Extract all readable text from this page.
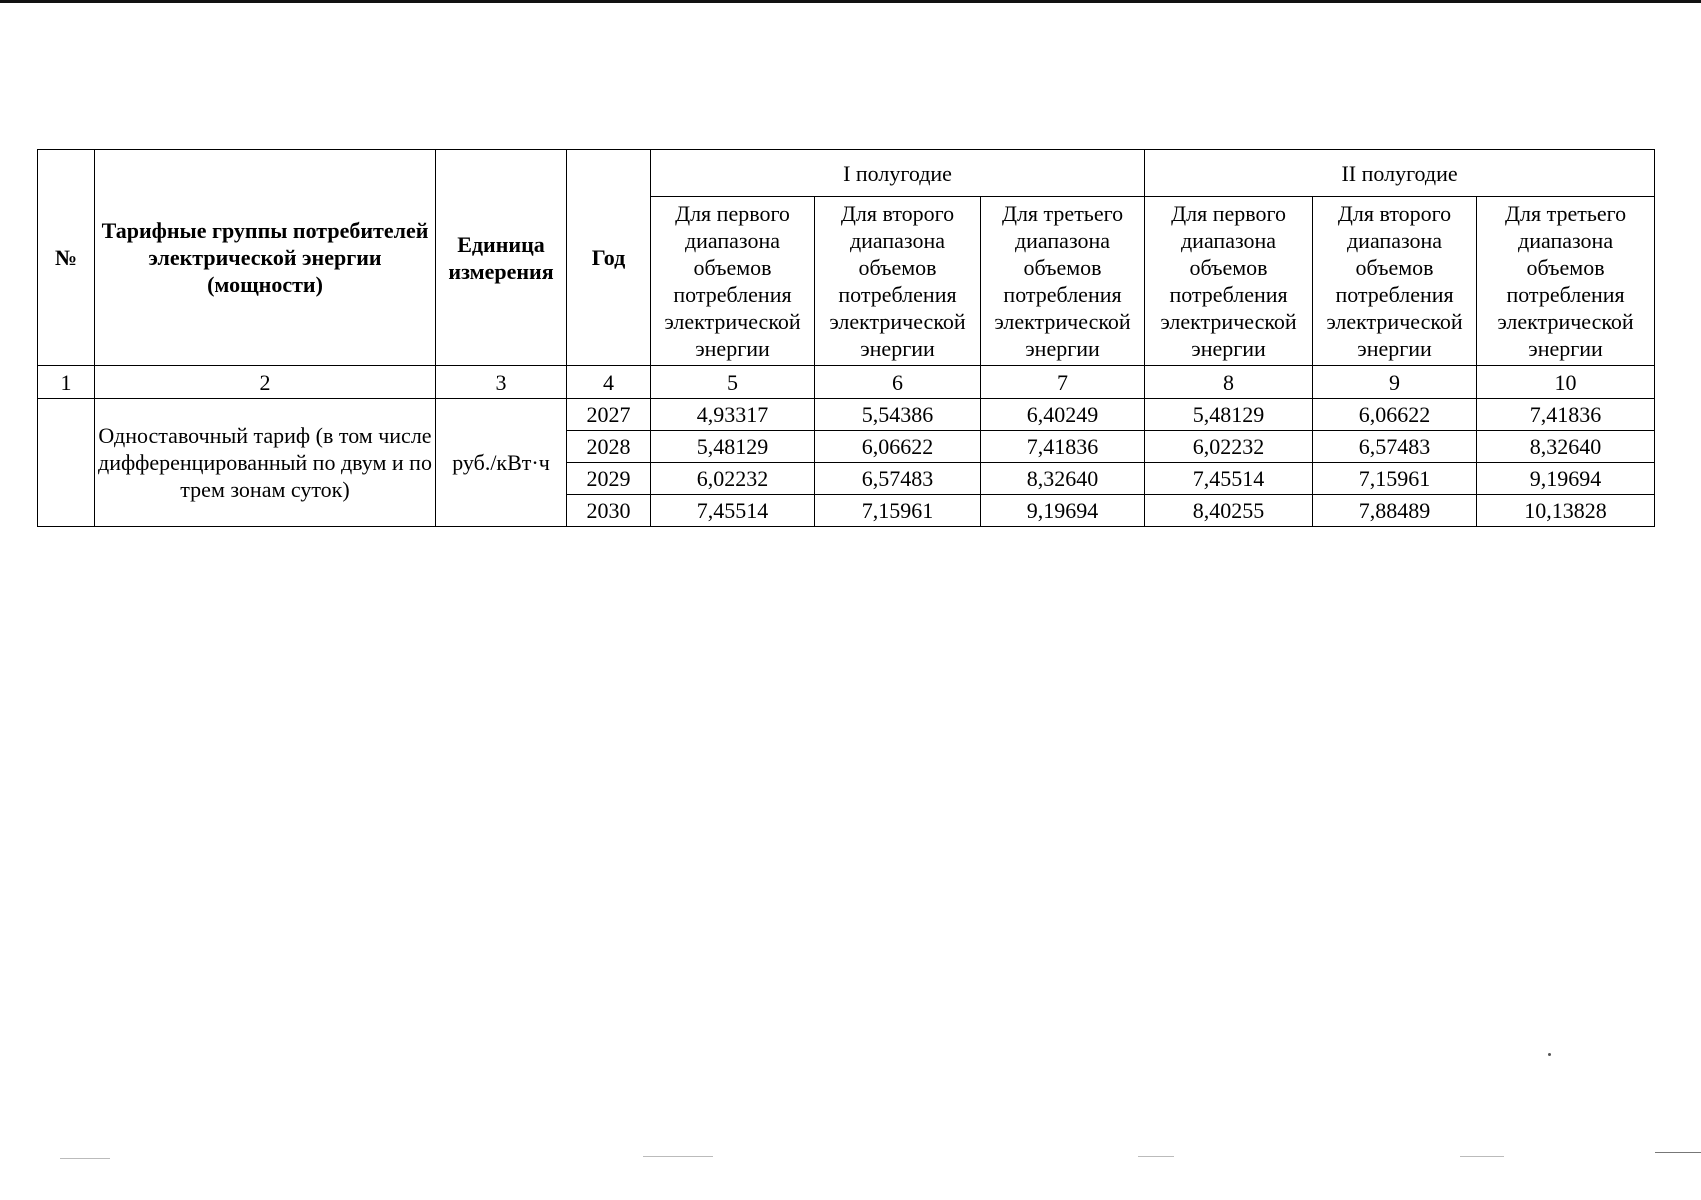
№	Тарифные группы потребителей электрической энергии (мощности)	Единица измерения	Год	I полугодие			II полугодие		
				Для первого диапазона объемов потребления электрической энергии	Для второго диапазона объемов потребления электрической энергии	Для третьего диапазона объемов потребления электрической энергии	Для первого диапазона объемов потребления электрической энергии	Для второго диапазона объемов потребления электрической энергии	Для третьего диапазона объемов потребления электрической энергии
1	2	3	4	5	6	7	8	9	10
	Одноставочный тариф (в том числе дифференцированный по двум и по трем зонам суток)	руб./кВт·ч	2027	4,93317	5,54386	6,40249	5,48129	6,06622	7,41836
			2028	5,48129	6,06622	7,41836	6,02232	6,57483	8,32640
			2029	6,02232	6,57483	8,32640	7,45514	7,15961	9,19694
			2030	7,45514	7,15961	9,19694	8,40255	7,88489	10,13828
